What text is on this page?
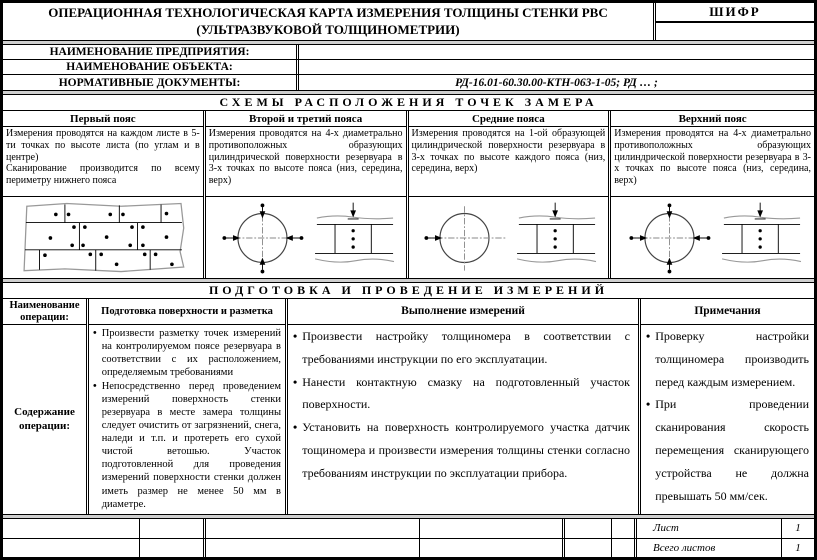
ОПЕРАЦИОННАЯ ТЕХНОЛОГИЧЕСКАЯ КАРТА ИЗМЕРЕНИЯ ТОЛЩИНЫ СТЕНКИ РВС
(УЛЬТРАЗВУКОВОЙ ТОЛЩИНОМЕТРИИ)
ШИФР
НАИМЕНОВАНИЕ ПРЕДПРИЯТИЯ:
НАИМЕНОВАНИЕ ОБЪЕКТА:
НОРМАТИВНЫЕ ДОКУМЕНТЫ:	РД-16.01-60.30.00-КТН-063-1-05; РД … ;
СХЕМЫ РАСПОЛОЖЕНИЯ ТОЧЕК ЗАМЕРА
Первый пояс

Измерения проводятся на каждом листе в 5-ти точках по высоте листа (по углам и в центре)

Сканирование производится по всему периметру нижнего пояса

Второй и третий пояса

Измерения проводятся на 4-х диаметрально противоположных образующих цилиндрической поверхности резервуара в 3-х точках по высоте пояса (низ, середина, верх)

Средние пояса

Измерения проводятся на 1-ой образующей цилиндрической поверхности резервуара в 3-х точках по высоте каждого пояса (низ, середина, верх)

Верхний пояс

Измерения проводятся на 4-х диаметрально противоположных образующих цилиндрической поверхности резервуара в 3-х точках по высоте пояса (низ, середина, верх)

ПОДГОТОВКА И ПРОВЕДЕНИЕ ИЗМЕРЕНИЙ
Наименование операции:
Содержание операции:
Подготовка поверхности и разметка
• Произвести разметку точек измерений на контролируемом поясе резервуара в соответствии с их расположением, определяемым требованиями
• Непосредственно перед проведением измерений поверхность стенки резервуара в месте замера толщины следует очистить от загрязнений, снега, наледи и т.п. и протереть его сухой чистой ветошью. Участок подготовленной для проведения измерений поверхности стенки должен иметь размер не менее 50 мм в диаметре.
Выполнение измерений
• Произвести настройку толщиномера в соответствии с требованиями инструкции по его эксплуатации.
• Нанести контактную смазку на подготовленный участок поверхности.
• Установить на поверхность контролируемого участка датчик тощиномера и произвести измерения толщины стенки согласно требованиям инструкции по эксплуатации прибора.
Примечания
• Проверку настройки толщиномера производить перед каждым измерением.
• При проведении сканирования скорость перемещения сканирующего устройства не должна превышать 50 мм/сек.
Лист	1
Всего листов	1
